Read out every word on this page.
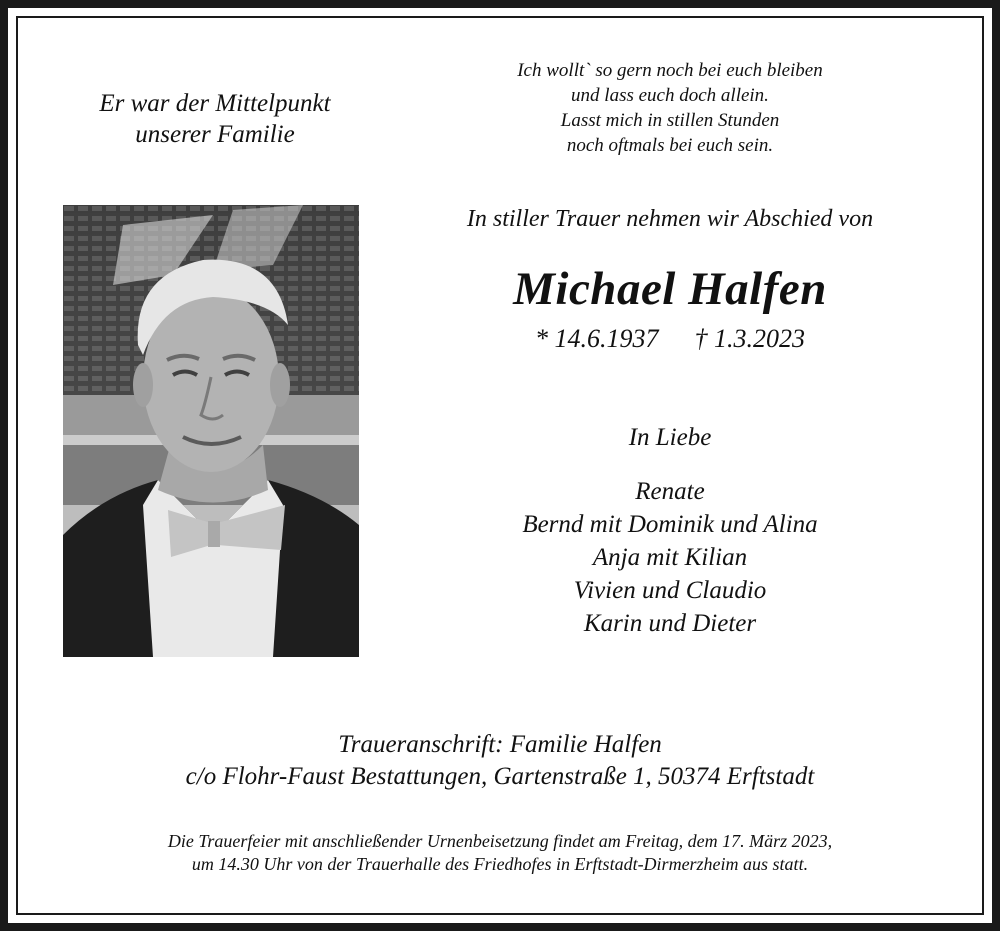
Er war der Mittelpunkt
unserer Familie
Ich wollt` so gern noch bei euch bleiben
und lass euch doch allein.
Lasst mich in stillen Stunden
noch oftmals bei euch sein.
In stiller Trauer nehmen wir Abschied von
Michael Halfen
* 14.6.1937 † 1.3.2023
In Liebe
Renate
Bernd mit Dominik und Alina
Anja mit Kilian
Vivien und Claudio
Karin und Dieter
Traueranschrift: Familie Halfen
c/o Flohr-Faust Bestattungen, Gartenstraße 1, 50374 Erftstadt
Die Trauerfeier mit anschließender Urnenbeisetzung findet am Freitag, dem 17. März 2023,
um 14.30 Uhr von der Trauerhalle des Friedhofes in Erftstadt-Dirmerzheim aus statt.
